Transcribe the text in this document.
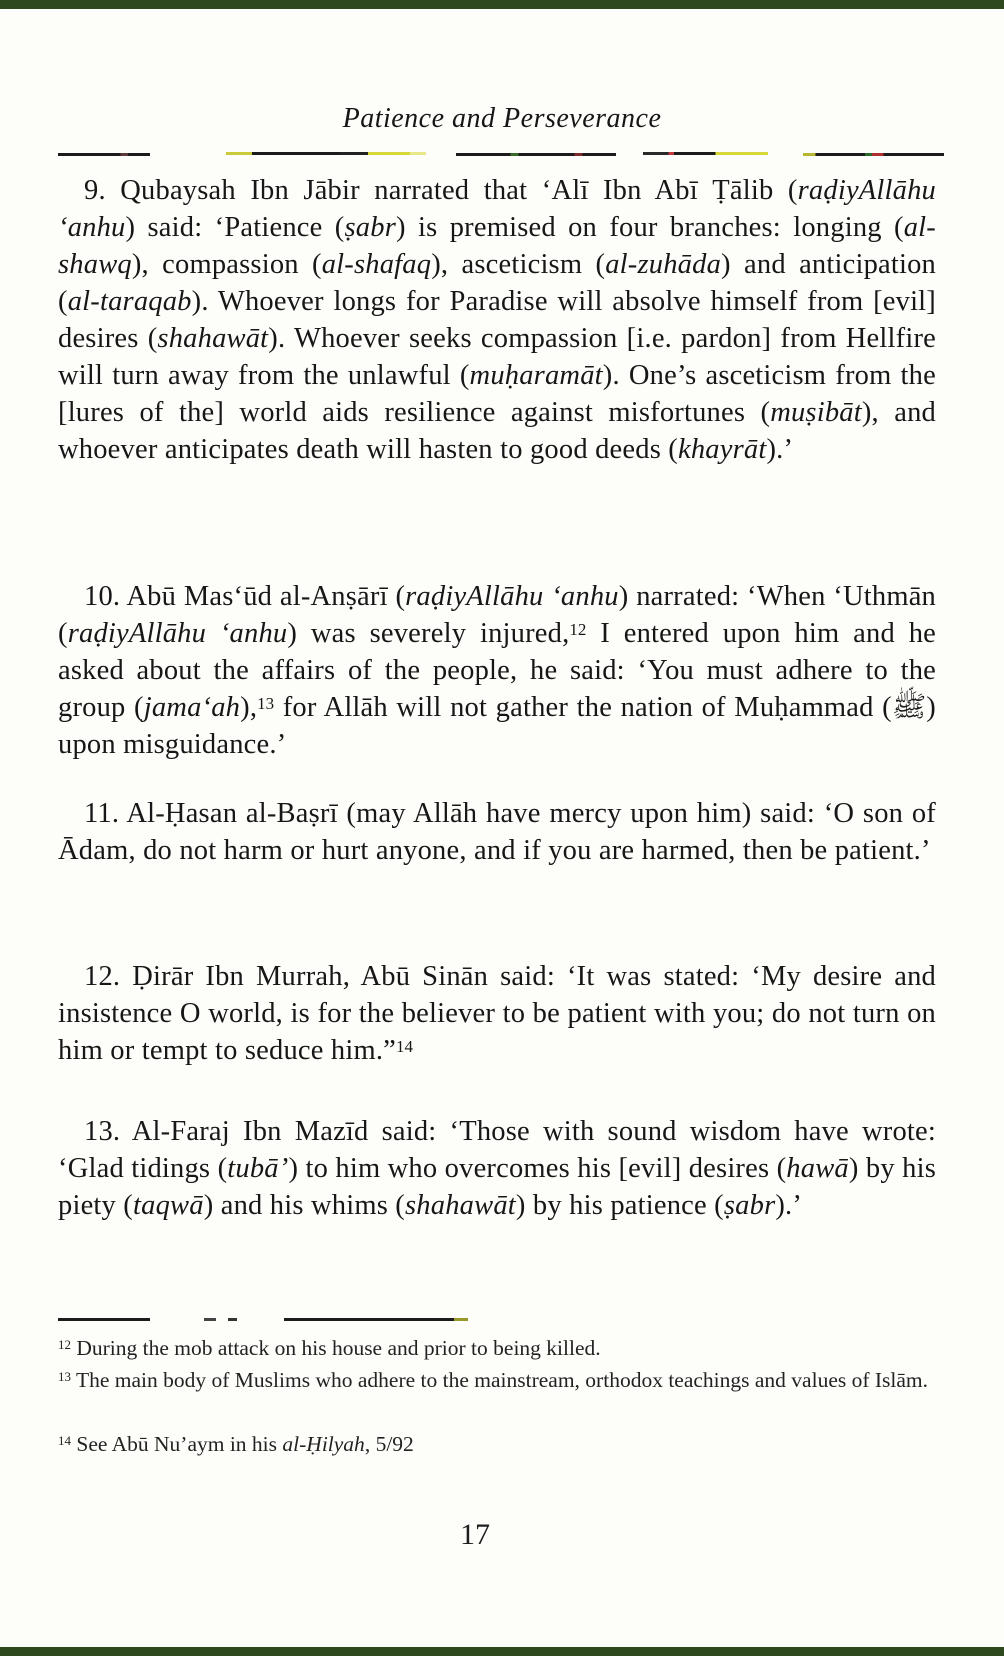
Patience and Perseverance
9. Qubaysah Ibn Jābir narrated that ‘Alī Ibn Abī Ṭālib (raḍiyAllāhu ‘anhu) said: ‘Patience (ṣabr) is premised on four branches: longing (al-shawq), compassion (al-shafaq), asceticism (al-zuhāda) and anticipation (al-taraqab). Whoever longs for Paradise will absolve himself from [evil] desires (shahawāt). Whoever seeks compassion [i.e. pardon] from Hellfire will turn away from the unlawful (muḥaramāt). One’s asceticism from the [lures of the] world aids resilience against misfortunes (muṣibāt), and whoever anticipates death will hasten to good deeds (khayrāt).’
10. Abū Mas‘ūd al-Anṣārī (raḍiyAllāhu ‘anhu) narrated: ‘When ‘Uthmān (raḍiyAllāhu ‘anhu) was severely injured,$^{12}$ I entered upon him and he asked about the affairs of the people, he said: ‘You must adhere to the group (jama‘ah),$^{13}$ for Allāh will not gather the nation of Muḥammad (ﷺ) upon misguidance.’
11. Al-Ḥasan al-Baṣrī (may Allāh have mercy upon him) said: ‘O son of Ādam, do not harm or hurt anyone, and if you are harmed, then be patient.’
12. Ḍirār Ibn Murrah, Abū Sinān said: ‘It was stated: ‘My desire and insistence O world, is for the believer to be patient with you; do not turn on him or tempt to seduce him.”$^{14}$
13. Al-Faraj Ibn Mazīd said: ‘Those with sound wisdom have wrote: ‘Glad tidings (tubā’) to him who overcomes his [evil] desires (hawā) by his piety (taqwā) and his whims (shahawāt) by his patience (ṣabr).’
$^{12}$ During the mob attack on his house and prior to being killed.
$^{13}$ The main body of Muslims who adhere to the mainstream, orthodox teachings and values of Islām.
$^{14}$ See Abū Nu’aym in his al-Ḥilyah, 5/92
17
